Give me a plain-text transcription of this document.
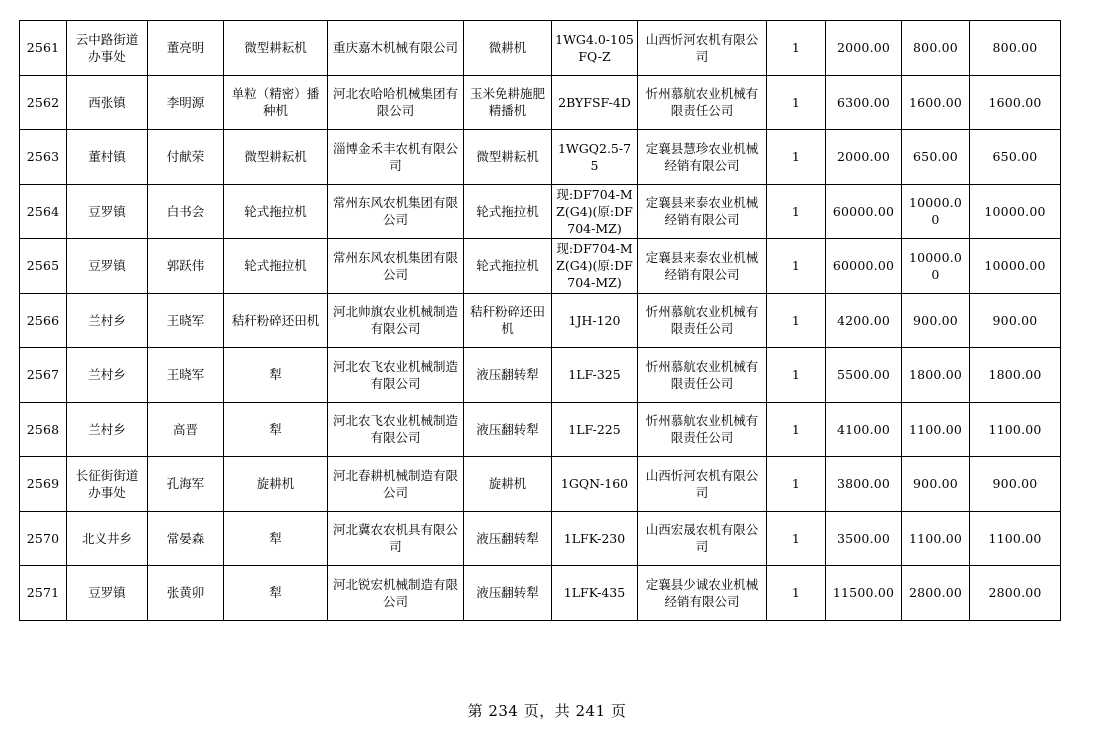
2561	云中路街道办事处	董亮明	微型耕耘机	重庆嘉木机械有限公司	微耕机	1WG4.0-105FQ-Z	山西忻河农机有限公司	1	2000.00	800.00	800.00
2562	西张镇	李明源	单粒（精密）播种机	河北农哈哈机械集团有限公司	玉米免耕施肥精播机	2BYFSF-4D	忻州慕航农业机械有限责任公司	1	6300.00	1600.00	1600.00
2563	董村镇	付献荣	微型耕耘机	淄博金禾丰农机有限公司	微型耕耘机	1WGQ2.5-75	定襄县慧珍农业机械经销有限公司	1	2000.00	650.00	650.00
2564	豆罗镇	白书会	轮式拖拉机	常州东风农机集团有限公司	轮式拖拉机	现:DF704-MZ(G4)(原:DF704-MZ)	定襄县来泰农业机械经销有限公司	1	60000.00	10000.00	10000.00
2565	豆罗镇	郭跃伟	轮式拖拉机	常州东风农机集团有限公司	轮式拖拉机	现:DF704-MZ(G4)(原:DF704-MZ)	定襄县来泰农业机械经销有限公司	1	60000.00	10000.00	10000.00
2566	兰村乡	王晓军	秸秆粉碎还田机	河北帅旗农业机械制造有限公司	秸秆粉碎还田机	1JH-120	忻州慕航农业机械有限责任公司	1	4200.00	900.00	900.00
2567	兰村乡	王晓军	犁	河北农飞农业机械制造有限公司	液压翻转犁	1LF-325	忻州慕航农业机械有限责任公司	1	5500.00	1800.00	1800.00
2568	兰村乡	高晋	犁	河北农飞农业机械制造有限公司	液压翻转犁	1LF-225	忻州慕航农业机械有限责任公司	1	4100.00	1100.00	1100.00
2569	长征街街道办事处	孔海军	旋耕机	河北春耕机械制造有限公司	旋耕机	1GQN-160	山西忻河农机有限公司	1	3800.00	900.00	900.00
2570	北义井乡	常晏森	犁	河北冀农农机具有限公司	液压翻转犁	1LFK-230	山西宏晟农机有限公司	1	3500.00	1100.00	1100.00
2571	豆罗镇	张黄卯	犁	河北锐宏机械制造有限公司	液压翻转犁	1LFK-435	定襄县少诚农业机械经销有限公司	1	11500.00	2800.00	2800.00
第 234 页，共 241 页
